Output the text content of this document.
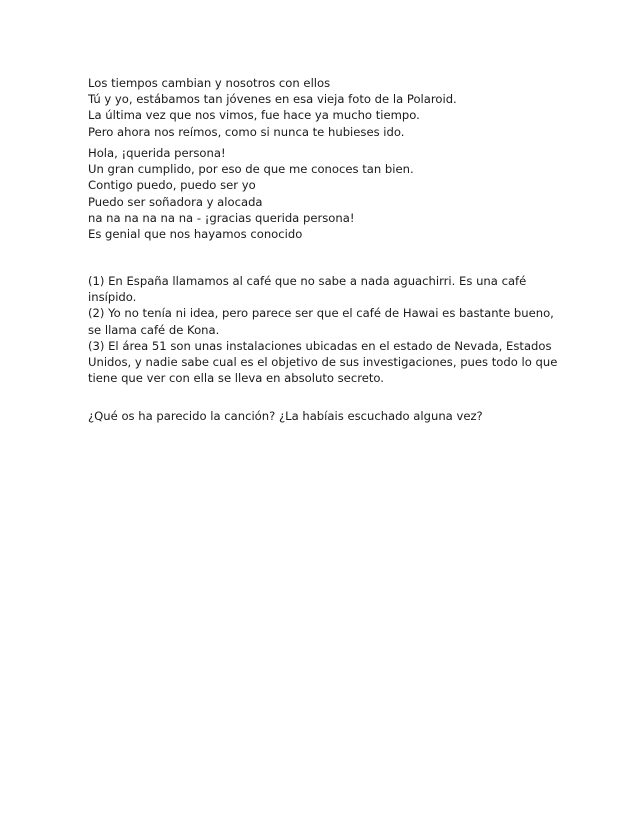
Los tiempos cambian y nosotros con ellos
Tú y yo, estábamos tan jóvenes en esa vieja foto de la Polaroid.
La última vez que nos vimos, fue hace ya mucho tiempo.
Pero ahora nos reímos, como si nunca te hubieses ido.
Hola, ¡querida persona!
Un gran cumplido, por eso de que me conoces tan bien.
Contigo puedo, puedo ser yo
Puedo ser soñadora y alocada
na na na na na na - ¡gracias querida persona!
Es genial que nos hayamos conocido
(1) En España llamamos al café que no sabe a nada aguachirri. Es una café insípido.
(2) Yo no tenía ni idea, pero parece ser que el café de Hawai es bastante bueno, se llama café de Kona.
(3) El área 51 son unas instalaciones ubicadas en el estado de Nevada, Estados Unidos, y nadie sabe cual es el objetivo de sus investigaciones, pues todo lo que tiene que ver con ella se lleva en absoluto secreto.
¿Qué os ha parecido la canción? ¿La habíais escuchado alguna vez?
